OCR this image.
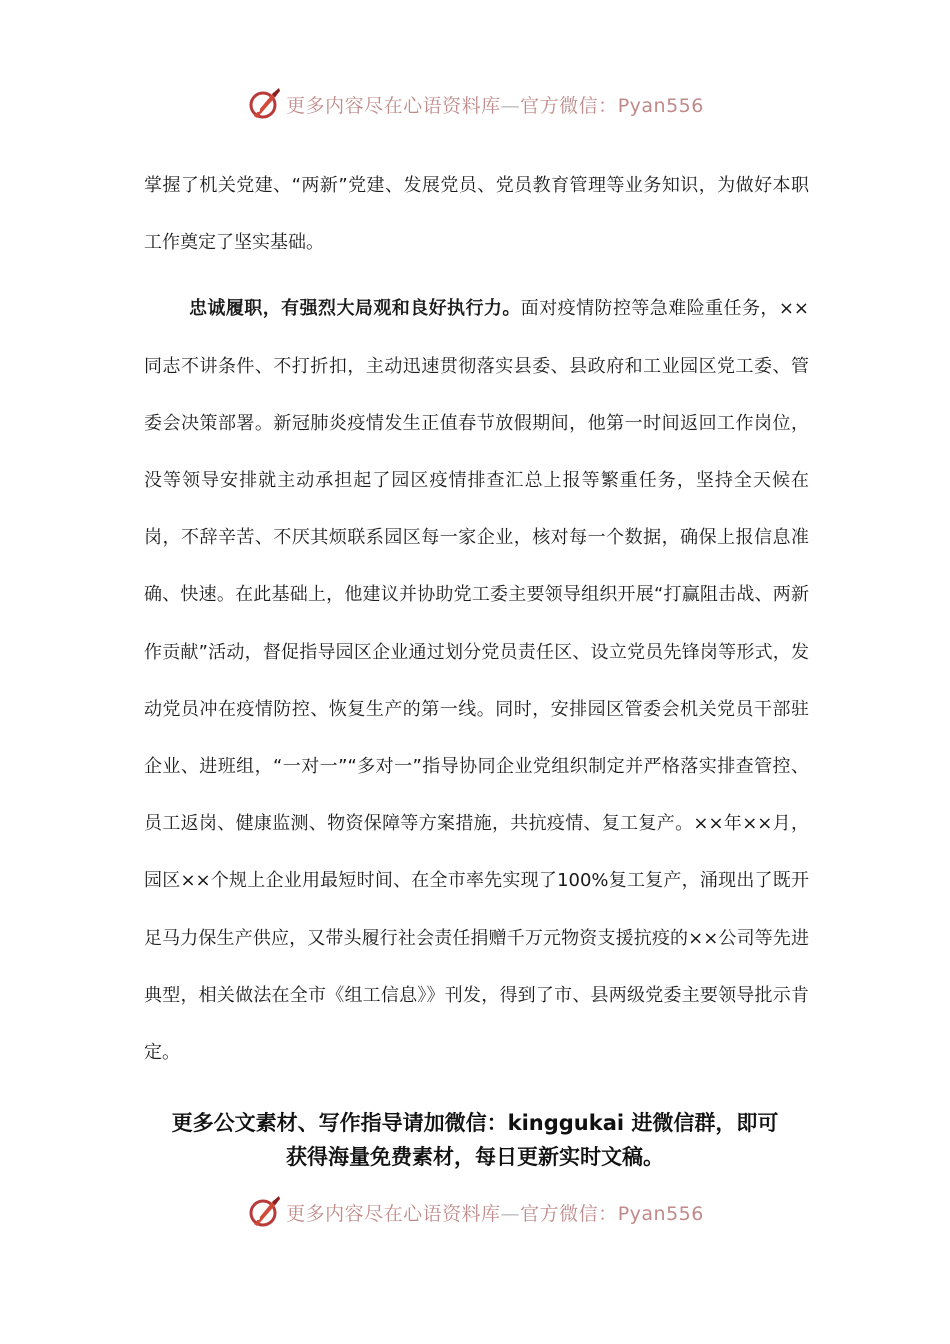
更多内容尽在心语资料库—官方微信：Pyan556

掌握了机关党建、“两新”党建、发展党员、党员教育管理等业务知识，为做好本职工作奠定了坚实基础。

忠诚履职，有强烈大局观和良好执行力。面对疫情防控等急难险重任务，××同志不讲条件、不打折扣，主动迅速贯彻落实县委、县政府和工业园区党工委、管委会决策部署。新冠肺炎疫情发生正值春节放假期间，他第一时间返回工作岗位，没等领导安排就主动承担起了园区疫情排查汇总上报等繁重任务，坚持全天候在岗，不辞辛苦、不厌其烦联系园区每一家企业，核对每一个数据，确保上报信息准确、快速。在此基础上，他建议并协助党工委主要领导组织开展“打赢阻击战、两新作贡献”活动，督促指导园区企业通过划分党员责任区、设立党员先锋岗等形式，发动党员冲在疫情防控、恢复生产的第一线。同时，安排园区管委会机关党员干部驻企业、进班组，“一对一”“多对一”指导协同企业党组织制定并严格落实排查管控、员工返岗、健康监测、物资保障等方案措施，共抗疫情、复工复产。××年××月，园区××个规上企业用最短时间、在全市率先实现了100%复工复产，涌现出了既开足马力保生产供应，又带头履行社会责任捐赠千万元物资支援抗疫的××公司等先进典型，相关做法在全市《组工信息》》刊发，得到了市、县两级党委主要领导批示肯定。

更多公文素材、写作指导请加微信：kinggukai 进微信群，即可
获得海量免费素材，每日更新实时文稿。
更多内容尽在心语资料库—官方微信：Pyan556
